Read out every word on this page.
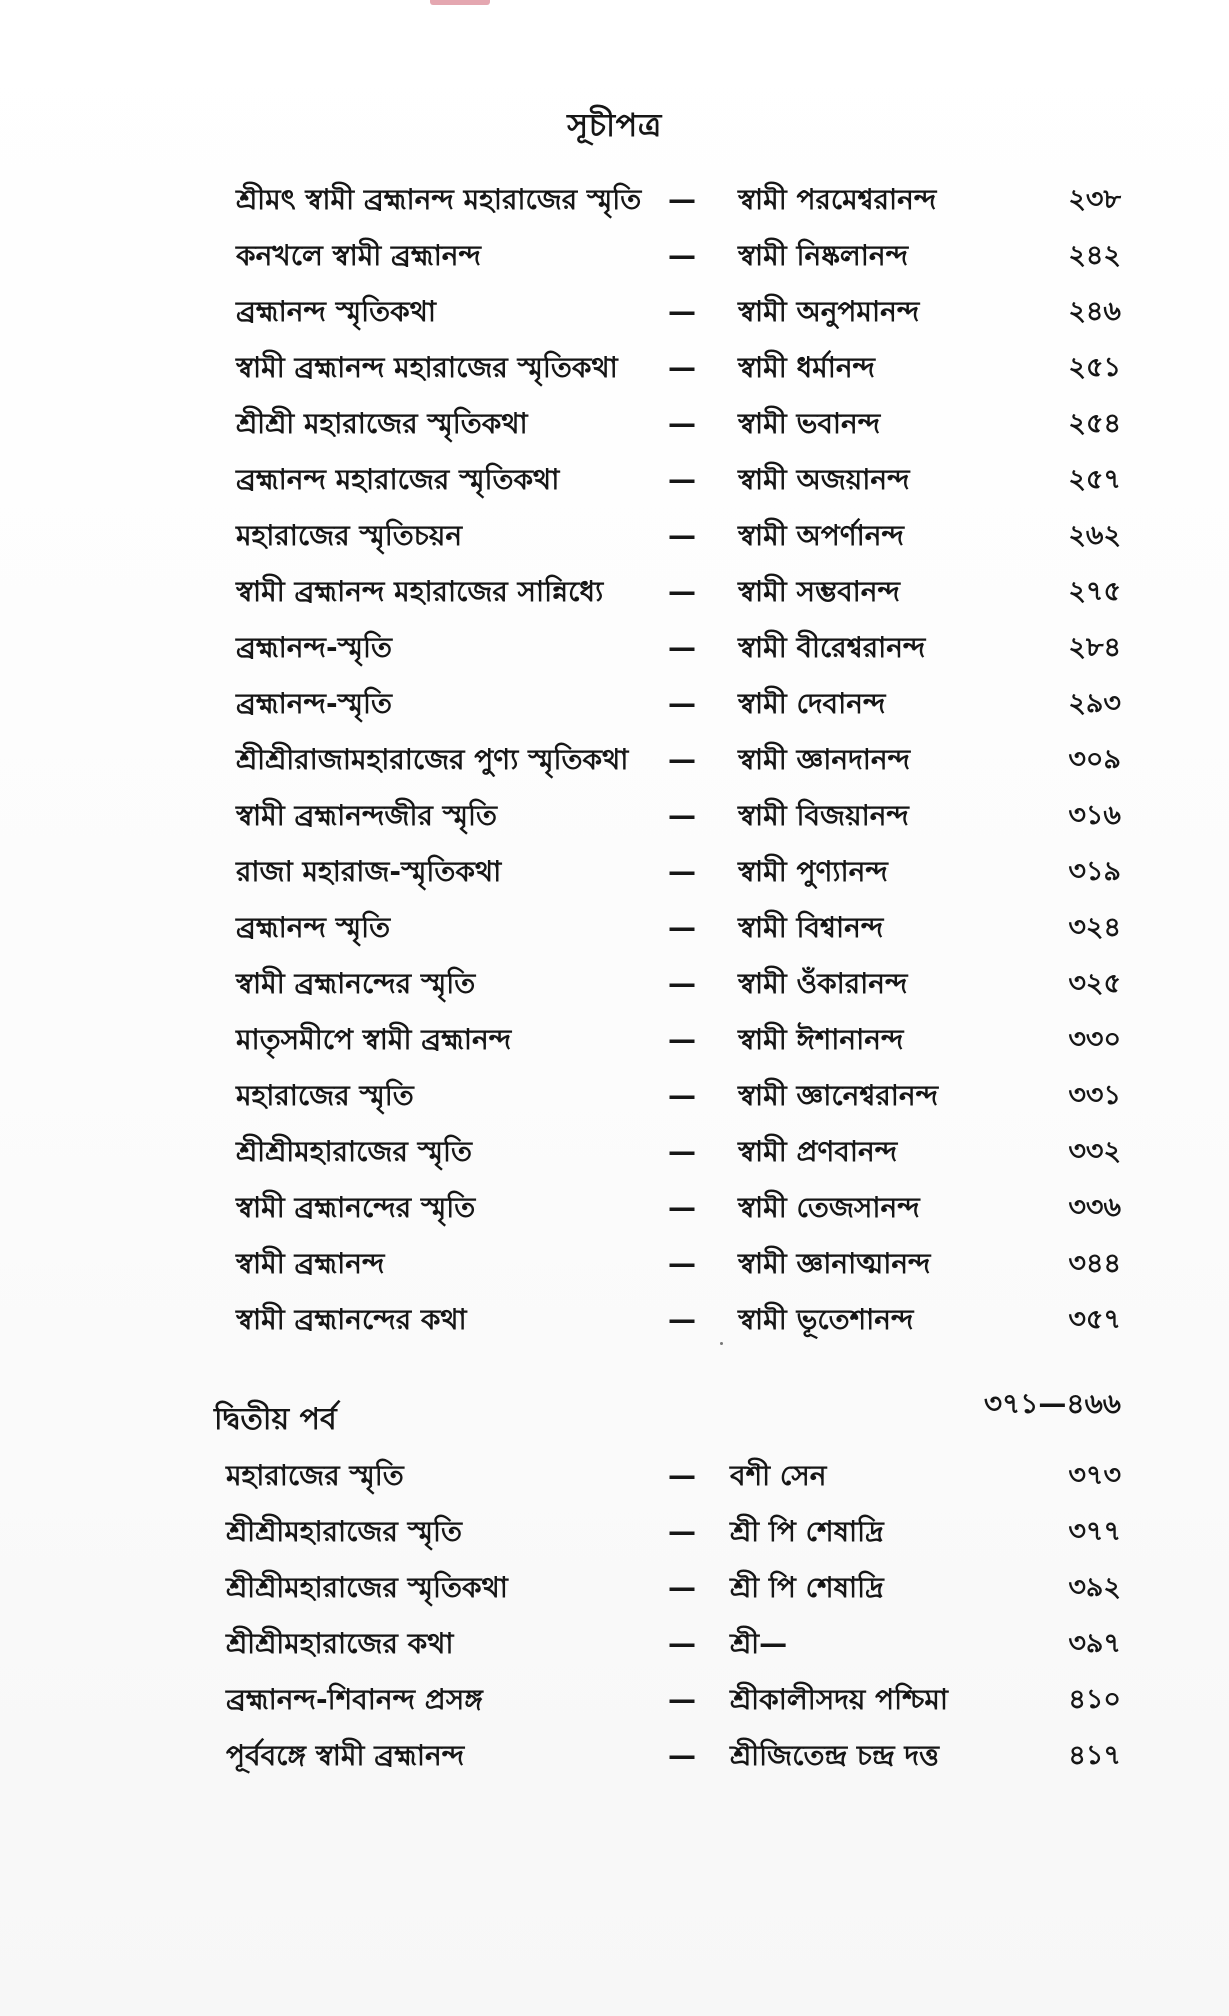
সূচীপত্র
শ্রীমৎ স্বামী ব্রহ্মানন্দ মহারাজের স্মৃতি — স্বামী পরমেশ্বরানন্দ	২৩৮
কনখলে স্বামী ব্রহ্মানন্দ	— স্বামী নিষ্কলানন্দ	২৪২
ব্রহ্মানন্দ স্মৃতিকথা	— স্বামী অনুপমানন্দ	২৪৬
স্বামী ব্রহ্মানন্দ মহারাজের স্মৃতিকথা — স্বামী ধর্মানন্দ	২৫১
শ্রীশ্রী মহারাজের স্মৃতিকথা	— স্বামী ভবানন্দ	২৫৪
ব্রহ্মানন্দ মহারাজের স্মৃতিকথা	— স্বামী অজয়ানন্দ	২৫৭
মহারাজের স্মৃতিচয়ন	— স্বামী অপর্ণানন্দ	২৬২
স্বামী ব্রহ্মানন্দ মহারাজের সান্নিধ্যে — স্বামী সম্ভবানন্দ	২৭৫
ব্রহ্মানন্দ-স্মৃতি	— স্বামী বীরেশ্বরানন্দ	২৮৪
ব্রহ্মানন্দ-স্মৃতি	— স্বামী দেবানন্দ	২৯৩
শ্রীশ্রীরাজামহারাজের পুণ্য স্মৃতিকথা — স্বামী জ্ঞানদানন্দ	৩০৯
স্বামী ব্রহ্মানন্দজীর স্মৃতি	— স্বামী বিজয়ানন্দ	৩১৬
রাজা মহারাজ-স্মৃতিকথা	— স্বামী পুণ্যানন্দ	৩১৯
ব্রহ্মানন্দ স্মৃতি	— স্বামী বিশ্বানন্দ	৩২৪
স্বামী ব্রহ্মানন্দের স্মৃতি	— স্বামী ওঁকারানন্দ	৩২৫
মাতৃসমীপে স্বামী ব্রহ্মানন্দ	— স্বামী ঈশানানন্দ	৩৩০
মহারাজের স্মৃতি	— স্বামী জ্ঞানেশ্বরানন্দ	৩৩১
শ্রীশ্রীমহারাজের স্মৃতি	— স্বামী প্রণবানন্দ	৩৩২
স্বামী ব্রহ্মানন্দের স্মৃতি	— স্বামী তেজসানন্দ	৩৩৬
স্বামী ব্রহ্মানন্দ	— স্বামী জ্ঞানাত্মানন্দ	৩৪৪
স্বামী ব্রহ্মানন্দের কথা	— স্বামী ভূতেশানন্দ	৩৫৭
দ্বিতীয় পর্ব	৩৭১—৪৬৬
মহারাজের স্মৃতি	— বশী সেন	৩৭৩
শ্রীশ্রীমহারাজের স্মৃতি	— শ্রী পি শেষাদ্রি	৩৭৭
শ্রীশ্রীমহারাজের স্মৃতিকথা	— শ্রী পি শেষাদ্রি	৩৯২
শ্রীশ্রীমহারাজের কথা	— শ্রী—	৩৯৭
ব্রহ্মানন্দ-শিবানন্দ প্রসঙ্গ	— শ্রীকালীসদয় পশ্চিমা	৪১০
পূর্ববঙ্গে স্বামী ব্রহ্মানন্দ	— শ্রীজিতেন্দ্র চন্দ্র দত্ত	৪১৭
